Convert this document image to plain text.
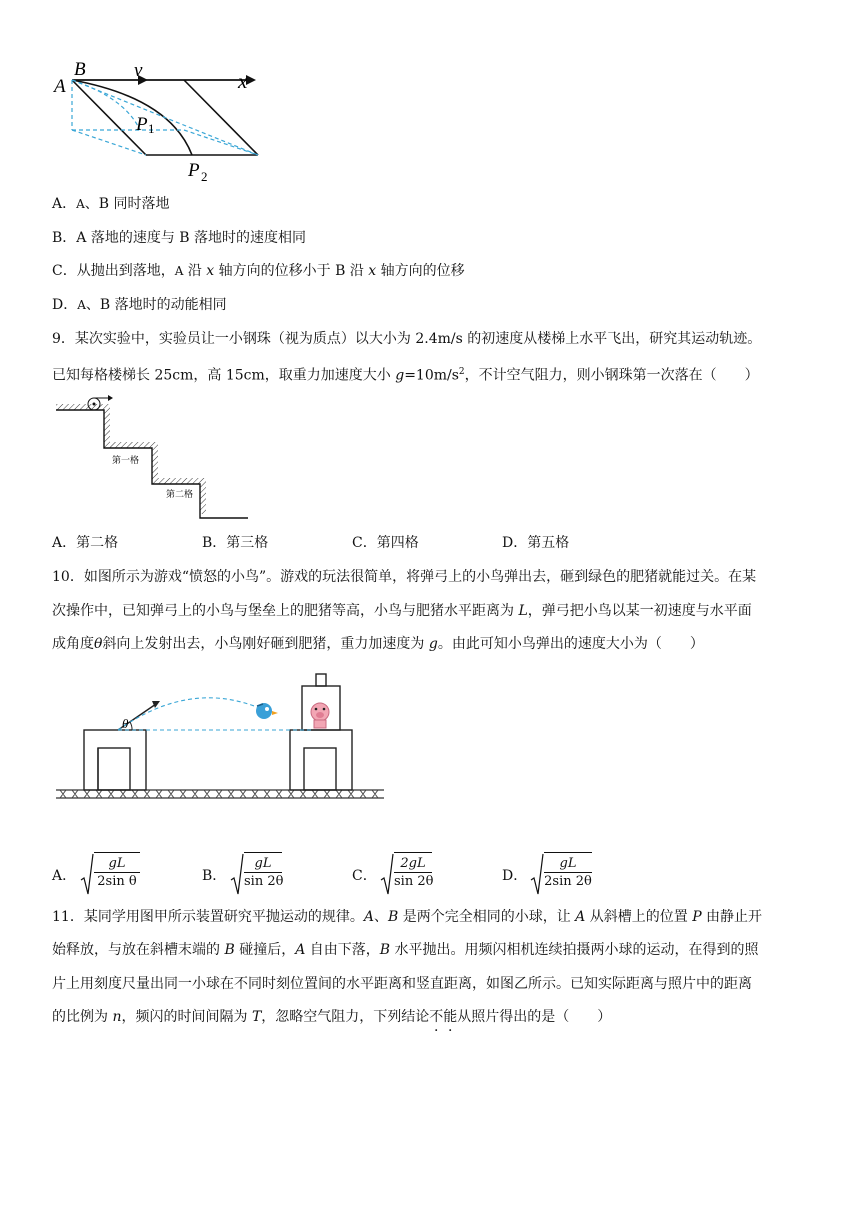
A
B	v	x
P 1
P 2
A．A、B 同时落地
B．A 落地的速度与 B 落地时的速度相同
C．从抛出到落地，A 沿 x 轴方向的位移小于 B 沿 x 轴方向的位移
D．A、B 落地时的动能相同
9．某次实验中，实验员让一小钢珠（视为质点）以大小为 2.4m/s 的初速度从楼梯上水平飞出，研究其运动轨迹。
已知每格楼梯长 25cm，高 15cm，取重力加速度大小 $g=10m/s^2$，不计空气阻力，则小钢珠第一次落在（　　）
第一格
第二格
A．第二格	B．第三格	C．第四格	D．第五格
10．如图所示为游戏“愤怒的小鸟”。游戏的玩法很简单，将弹弓上的小鸟弹出去，砸到绿色的肥猪就能过关。在某
次操作中，已知弹弓上的小鸟与堡垒上的肥猪等高，小鸟与肥猪水平距离为 L，弹弓把小鸟以某一初速度与水平面
成角度θ斜向上发射出去，小鸟刚好砸到肥猪，重力加速度为 g。由此可知小鸟弹出的速度大小为（　　）
θ
A．
gL
2sin θ	B．
gL
sin 2θ	C．
2gL
sin 2θ	D．
gL
2sin 2θ
11．某同学用图甲所示装置研究平抛运动的规律。A、B 是两个完全相同的小球，让 A 从斜槽上的位置 P 由静止开
始释放，与放在斜槽末端的 B 碰撞后，A 自由下落，B 水平抛出。用频闪相机连续拍摄两小球的运动，在得到的照
片上用刻度尺量出同一小球在不同时刻位置间的水平距离和竖直距离，如图乙所示。已知实际距离与照片中的距离
的比例为 n，频闪的时间间隔为 T，忽略空气阻力，下列结论不能从照片得出的是（　　）
